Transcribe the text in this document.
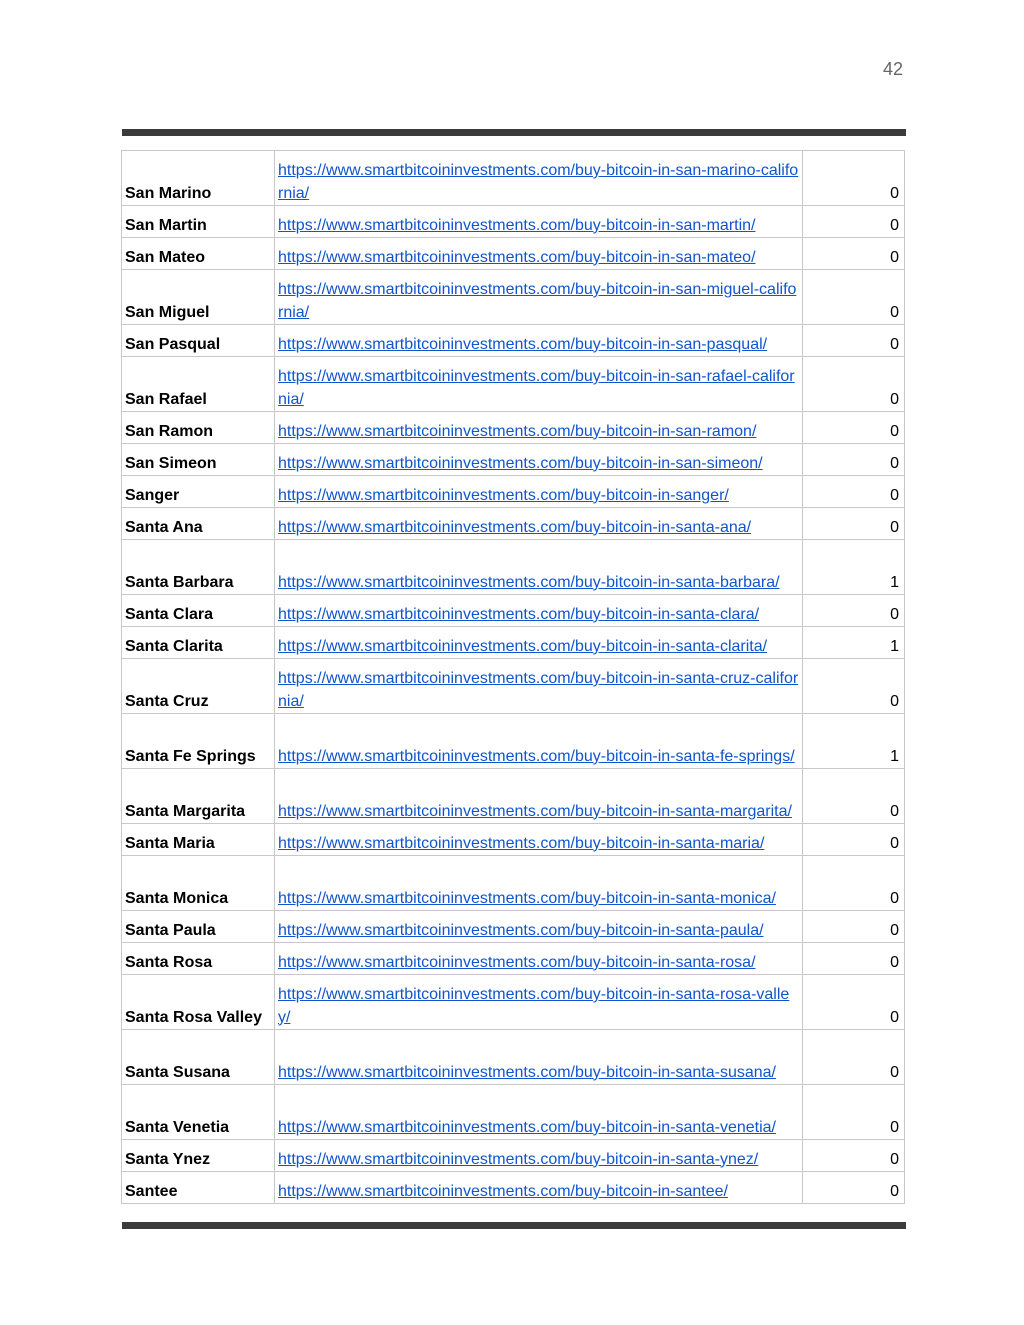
42
San Marino	https://www.smartbitcoininvestments.com/buy-bitcoin-in-san-marino-california/	0
San Martin	https://www.smartbitcoininvestments.com/buy-bitcoin-in-san-martin/	0
San Mateo	https://www.smartbitcoininvestments.com/buy-bitcoin-in-san-mateo/	0
San Miguel	https://www.smartbitcoininvestments.com/buy-bitcoin-in-san-miguel-california/	0
San Pasqual	https://www.smartbitcoininvestments.com/buy-bitcoin-in-san-pasqual/	0
San Rafael	https://www.smartbitcoininvestments.com/buy-bitcoin-in-san-rafael-california/	0
San Ramon	https://www.smartbitcoininvestments.com/buy-bitcoin-in-san-ramon/	0
San Simeon	https://www.smartbitcoininvestments.com/buy-bitcoin-in-san-simeon/	0
Sanger	https://www.smartbitcoininvestments.com/buy-bitcoin-in-sanger/	0
Santa Ana	https://www.smartbitcoininvestments.com/buy-bitcoin-in-santa-ana/	0
Santa Barbara	https://www.smartbitcoininvestments.com/buy-bitcoin-in-santa-barbara/	1
Santa Clara	https://www.smartbitcoininvestments.com/buy-bitcoin-in-santa-clara/	0
Santa Clarita	https://www.smartbitcoininvestments.com/buy-bitcoin-in-santa-clarita/	1
Santa Cruz	https://www.smartbitcoininvestments.com/buy-bitcoin-in-santa-cruz-california/	0
Santa Fe Springs	https://www.smartbitcoininvestments.com/buy-bitcoin-in-santa-fe-springs/	1
Santa Margarita	https://www.smartbitcoininvestments.com/buy-bitcoin-in-santa-margarita/	0
Santa Maria	https://www.smartbitcoininvestments.com/buy-bitcoin-in-santa-maria/	0
Santa Monica	https://www.smartbitcoininvestments.com/buy-bitcoin-in-santa-monica/	0
Santa Paula	https://www.smartbitcoininvestments.com/buy-bitcoin-in-santa-paula/	0
Santa Rosa	https://www.smartbitcoininvestments.com/buy-bitcoin-in-santa-rosa/	0
Santa Rosa Valley	https://www.smartbitcoininvestments.com/buy-bitcoin-in-santa-rosa-valley/	0
Santa Susana	https://www.smartbitcoininvestments.com/buy-bitcoin-in-santa-susana/	0
Santa Venetia	https://www.smartbitcoininvestments.com/buy-bitcoin-in-santa-venetia/	0
Santa Ynez	https://www.smartbitcoininvestments.com/buy-bitcoin-in-santa-ynez/	0
Santee	https://www.smartbitcoininvestments.com/buy-bitcoin-in-santee/	0
